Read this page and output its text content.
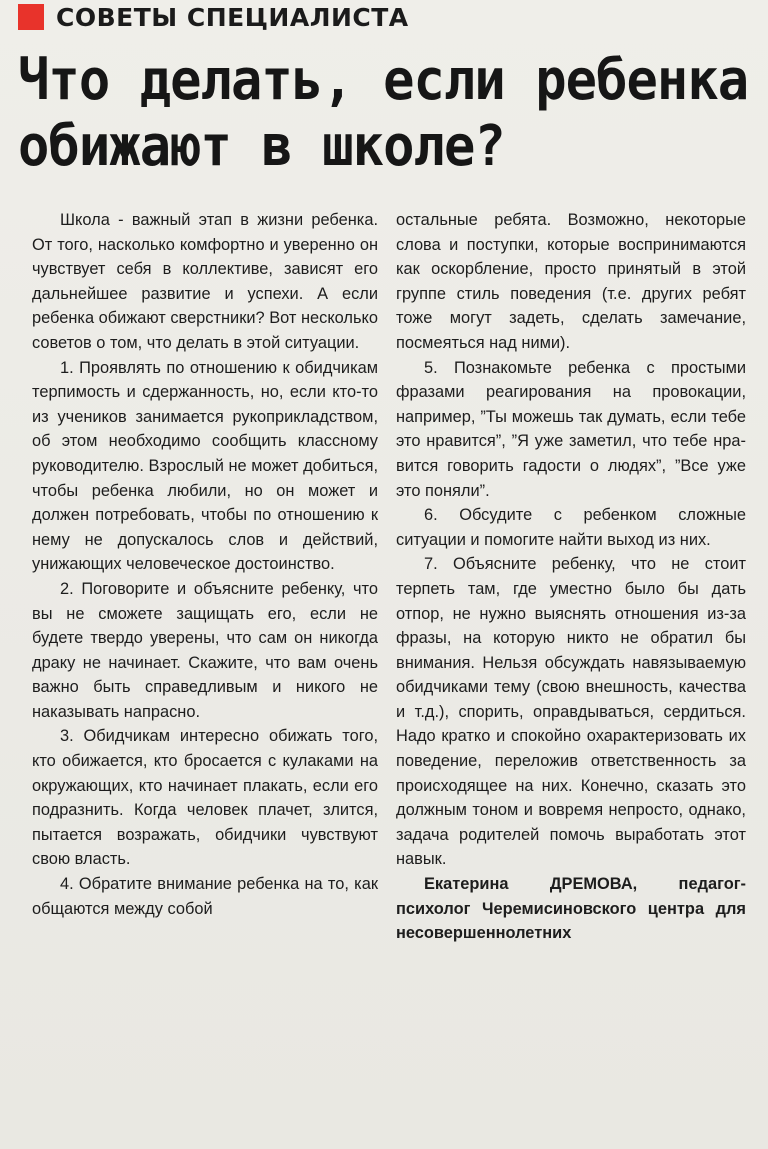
СОВЕТЫ СПЕЦИАЛИСТА
Что делать, если ребенка
обижают в школе?

Школа - важный этап в жизни ребенка. От того, насколько комфортно и уверенно он чувствует себя в коллективе, зависят его дальнейшее развитие и успехи. А если ребенка обижают сверстники? Вот несколько советов о том, что делать в этой ситуации.

1. Проявлять по отношению к обидчикам терпимость и сдержанность, но, если кто-то из учеников занимается рукоприкладством, об этом необходимо сообщить классному руководителю. Взрослый не может добиться, чтобы ребенка любили, но он может и должен потребовать, чтобы по отношению к нему не допускалось слов и действий, унижающих человеческое достоинство.

2. Поговорите и объясните ребенку, что вы не сможете защищать его, если не будете твердо уверены, что сам он никогда драку не начинает. Скажите, что вам очень важно быть справедливым и никого не наказывать напрасно.

3. Обидчикам интересно обижать того, кто обижается, кто бросается с кулаками на окружающих, кто начинает плакать, если его подразнить. Когда человек плачет, злится, пытается возражать, обидчики чувствуют свою власть.

4. Обратите внимание ребенка на то, как общаются между собой

остальные ребята. Возможно, некоторые слова и поступки, которые воспринимаются как оскорбление, просто принятый в этой группе стиль поведения (т.е. других ребят тоже могут задеть, сделать замечание, посмеяться над ними).

5. Познакомьте ребенка с простыми фразами реагирования на провокации, например, ”Ты можешь так думать, если тебе это нравится”, ”Я уже заметил, что тебе нравится говорить гадости о людях”, ”Все уже это поняли”.

6. Обсудите с ребенком сложные ситуации и помогите найти выход из них.

7. Объясните ребенку, что не стоит терпеть там, где уместно было бы дать отпор, не нужно выяснять отношения из-за фразы, на которую никто не обратил бы внимания. Нельзя обсуждать навязываемую обидчиками тему (свою внешность, качества и т.д.), спорить, оправдываться, сердиться. Надо кратко и спокойно охарактеризовать их поведение, переложив ответственность за происходящее на них. Конечно, сказать это должным тоном и вовремя непросто, однако, задача родителей помочь выработать этот навык.

Екатерина ДРЕМОВА, педагог- психолог Черемисиновского центра для несовершеннолетних
